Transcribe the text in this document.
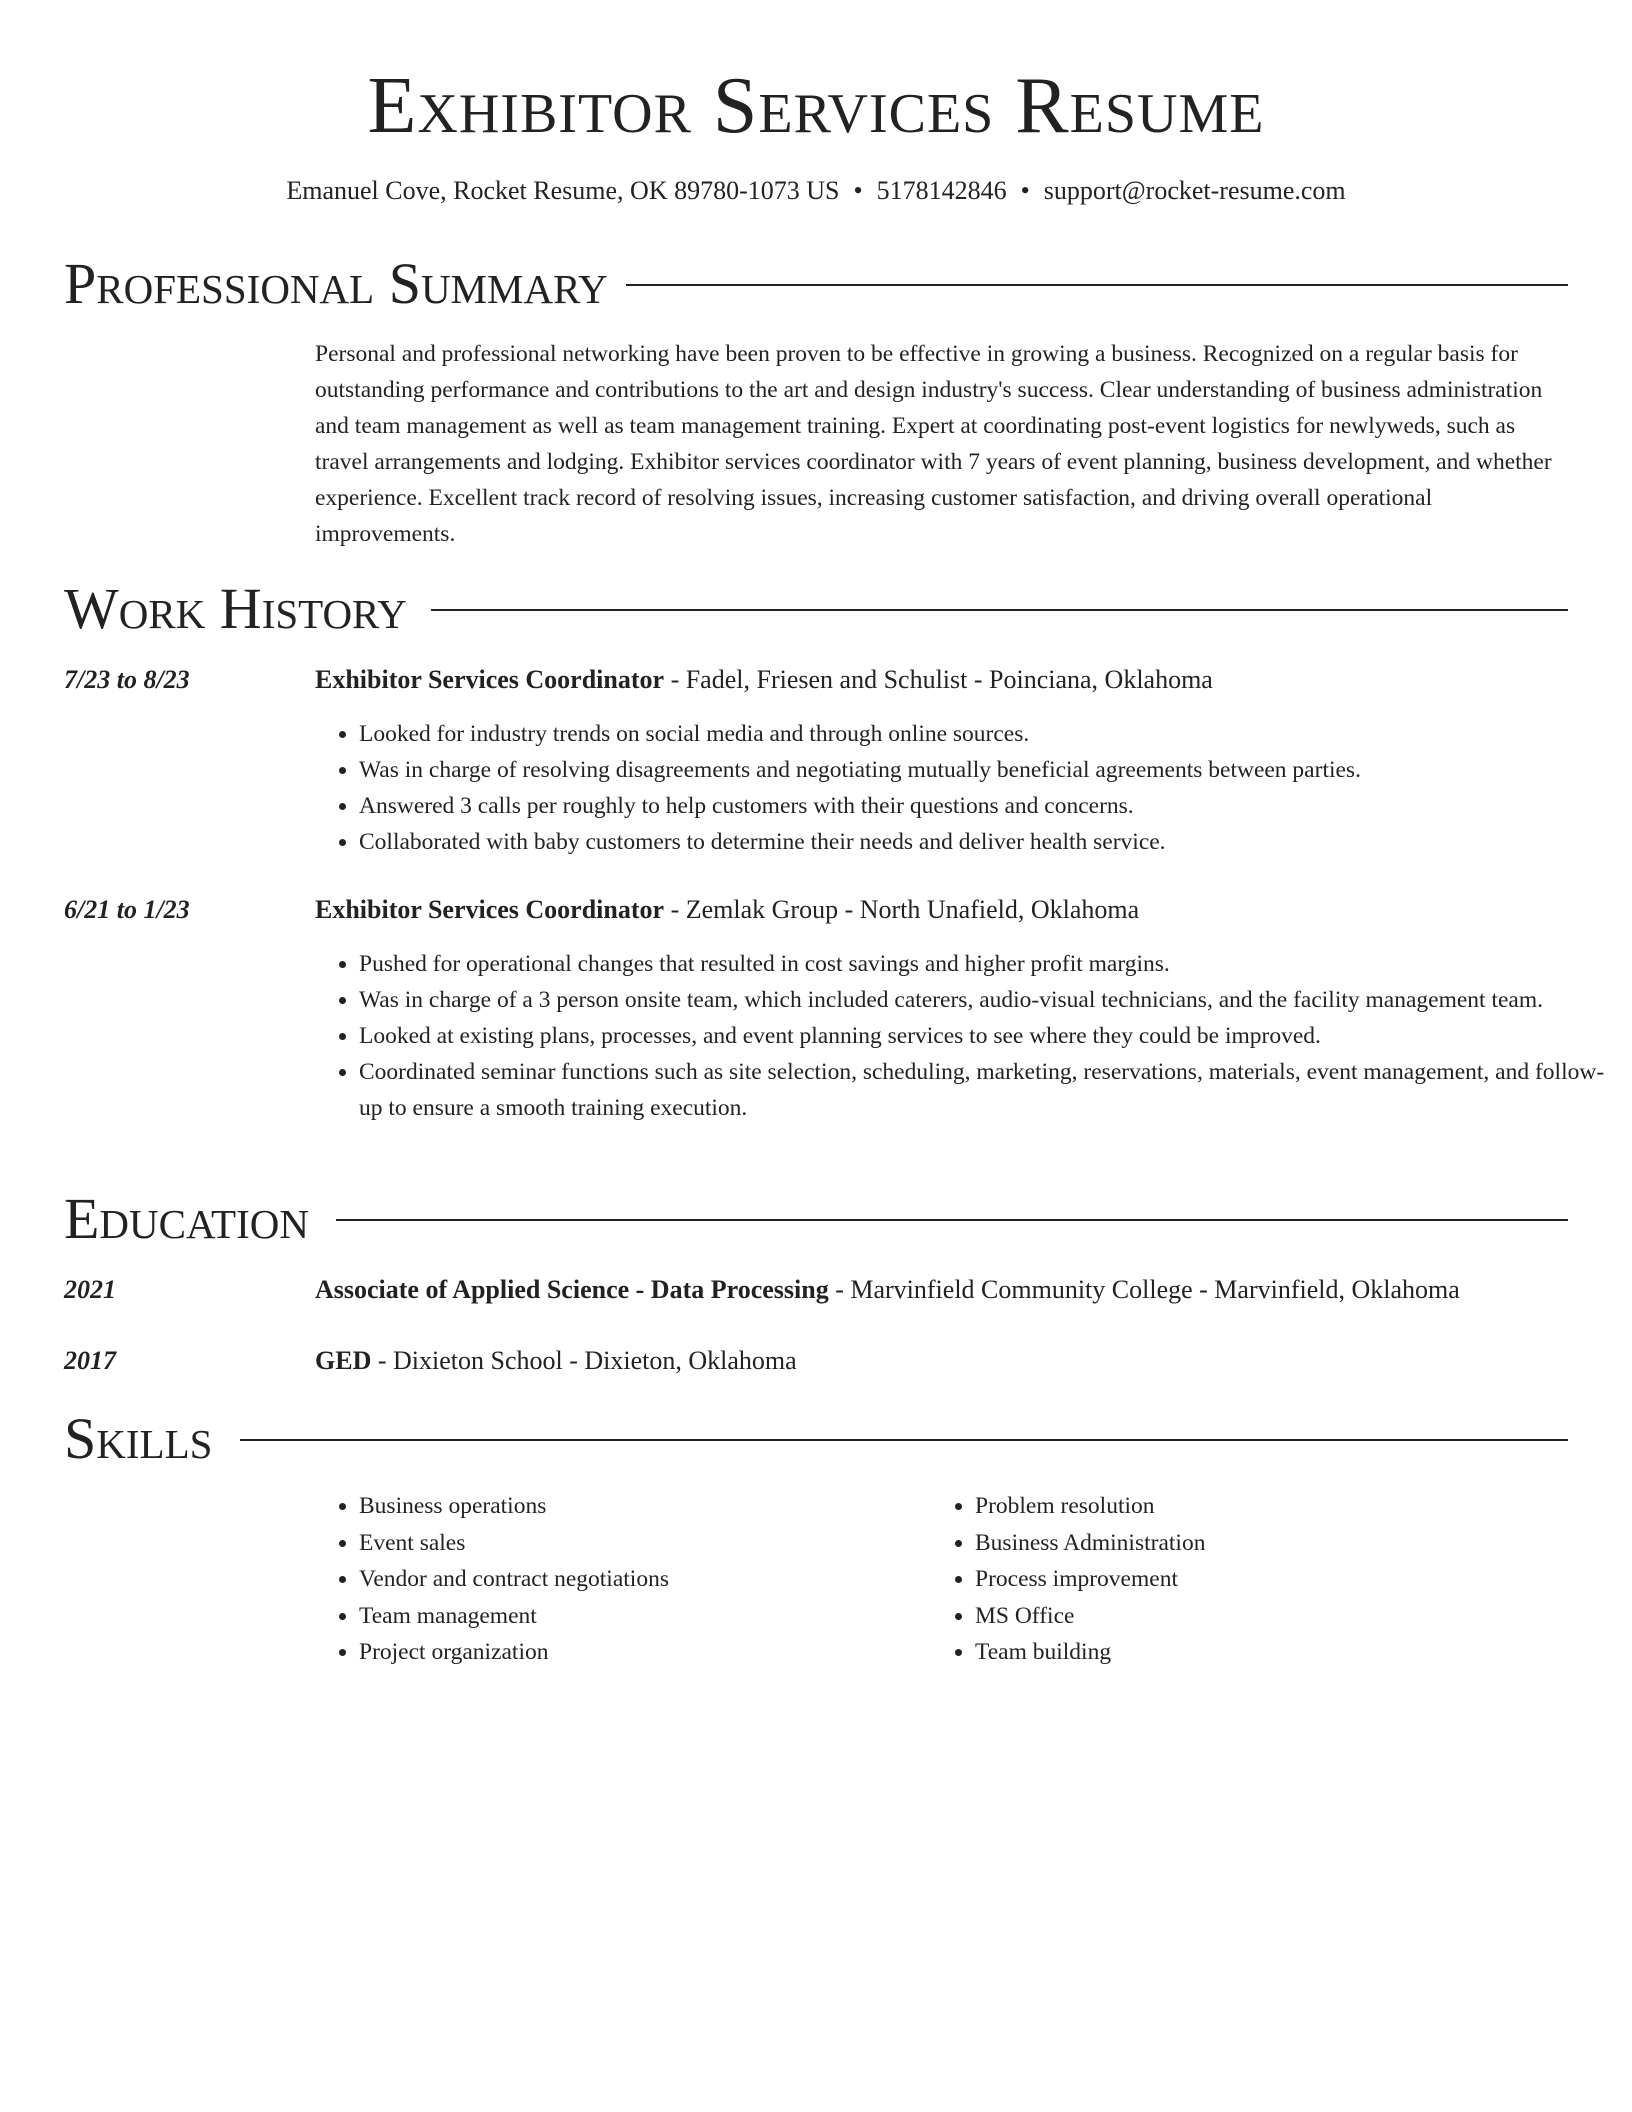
Exhibitor Services Resume
Emanuel Cove, Rocket Resume, OK 89780-1073 US • 5178142846 • support@rocket-resume.com
Professional Summary

Personal and professional networking have been proven to be effective in growing a business. Recognized on a regular basis for outstanding performance and contributions to the art and design industry's success. Clear understanding of business administration and team management as well as team management training. Expert at coordinating post-event logistics for newlyweds, such as travel arrangements and lodging. Exhibitor services coordinator with 7 years of event planning, business development, and whether experience. Excellent track record of resolving issues, increasing customer satisfaction, and driving overall operational improvements.

Work History
7/23 to 8/23	Exhibitor Services Coordinator - Fadel, Friesen and Schulist - Poinciana, Oklahoma
• Looked for industry trends on social media and through online sources.
• Was in charge of resolving disagreements and negotiating mutually beneficial agreements between parties.
• Answered 3 calls per roughly to help customers with their questions and concerns.
• Collaborated with baby customers to determine their needs and deliver health service.
6/21 to 1/23	Exhibitor Services Coordinator - Zemlak Group - North Unafield, Oklahoma
• Pushed for operational changes that resulted in cost savings and higher profit margins.
• Was in charge of a 3 person onsite team, which included caterers, audio-visual technicians, and the facility management team.
• Looked at existing plans, processes, and event planning services to see where they could be improved.
• Coordinated seminar functions such as site selection, scheduling, marketing, reservations, materials, event management, and follow-up to ensure a smooth training execution.
Education
2021	Associate of Applied Science - Data Processing - Marvinfield Community College - Marvinfield, Oklahoma
2017	GED - Dixieton School - Dixieton, Oklahoma
Skills
• Business operations
• Event sales
• Vendor and contract negotiations
• Team management
• Project organization
• Problem resolution
• Business Administration
• Process improvement
• MS Office
• Team building
